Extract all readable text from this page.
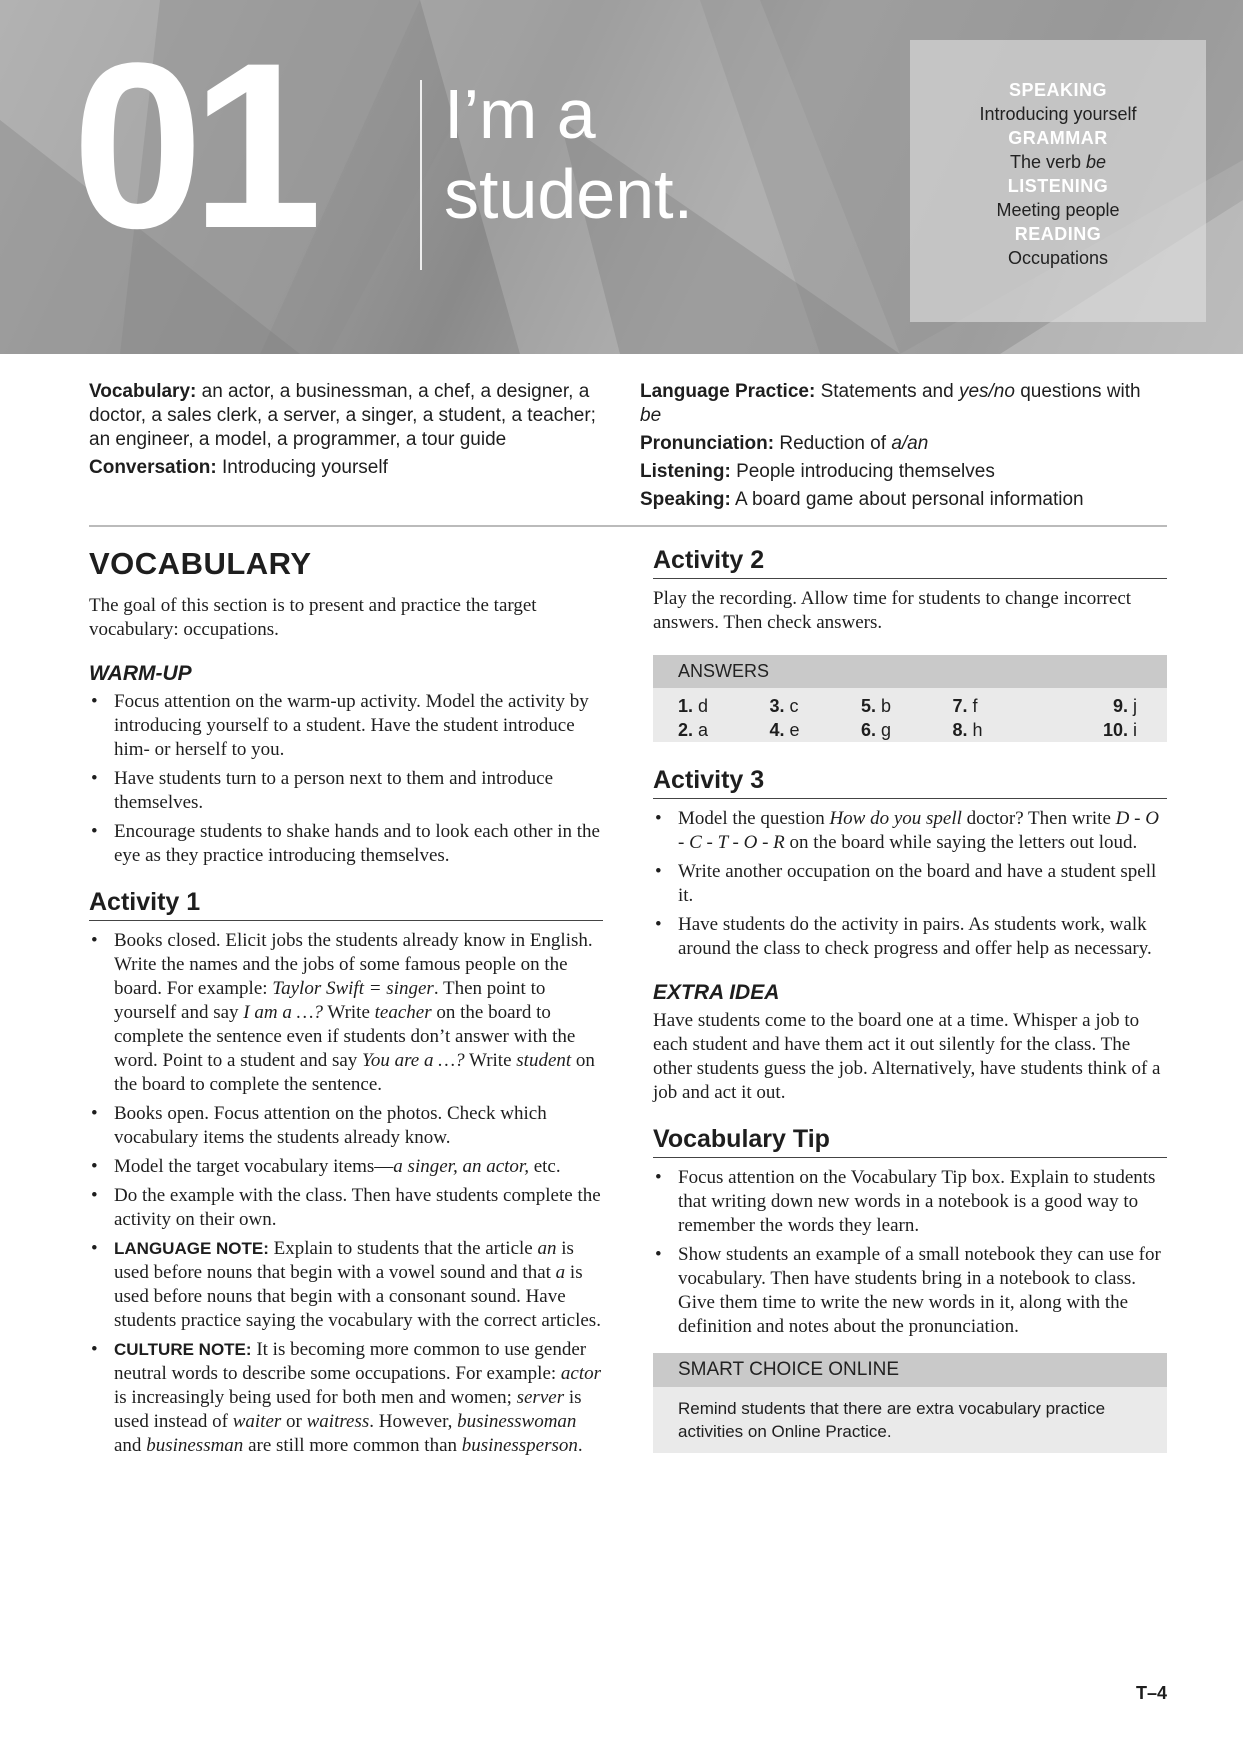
01 I’m a
student.
SPEAKING
Introducing yourself
GRAMMAR
The verb be
LISTENING
Meeting people
READING
Occupations

Vocabulary: an actor, a businessman, a chef, a designer, a doctor, a sales clerk, a server, a singer, a student, a teacher; an engineer, a model, a programmer, a tour guide

Conversation: Introducing yourself

Language Practice: Statements and yes/no questions with be

Pronunciation: Reduction of a/an

Listening: People introducing themselves

Speaking: A board game about personal information

VOCABULARY

The goal of this section is to present and practice the target vocabulary: occupations.

WARM-UP
• Focus attention on the warm-up activity. Model the activity by introducing yourself to a student. Have the student introduce him- or herself to you.
• Have students turn to a person next to them and introduce themselves.
• Encourage students to shake hands and to look each other in the eye as they practice introducing themselves.
Activity 1
• Books closed. Elicit jobs the students already know in English. Write the names and the jobs of some famous people on the board. For example: Taylor Swift = singer. Then point to yourself and say I am a …? Write teacher on the board to complete the sentence even if students don’t answer with the word. Point to a student and say You are a …? Write student on the board to complete the sentence.
• Books open. Focus attention on the photos. Check which vocabulary items the students already know.
• Model the target vocabulary items—a singer, an actor, etc.
• Do the example with the class. Then have students complete the activity on their own.
• LANGUAGE NOTE: Explain to students that the article an is used before nouns that begin with a vowel sound and that a is used before nouns that begin with a consonant sound. Have students practice saying the vocabulary with the correct articles.
• CULTURE NOTE: It is becoming more common to use gender neutral words to describe some occupations. For example: actor is increasingly being used for both men and women; server is used instead of waiter or waitress. However, businesswoman and businessman are still more common than businessperson.
Activity 2

Play the recording. Allow time for students to change incorrect answers. Then check answers.

ANSWERS
1. d	3. c	5. b	7. f	9. j
2. a	4. e	6. g	8. h	10. i
Activity 3
• Model the question How do you spell doctor? Then write D - O - C - T - O - R on the board while saying the letters out loud.
• Write another occupation on the board and have a student spell it.
• Have students do the activity in pairs. As students work, walk around the class to check progress and offer help as necessary.
EXTRA IDEA

Have students come to the board one at a time. Whisper a job to each student and have them act it out silently for the class. The other students guess the job. Alternatively, have students think of a job and act it out.

Vocabulary Tip
• Focus attention on the Vocabulary Tip box. Explain to students that writing down new words in a notebook is a good way to remember the words they learn.
• Show students an example of a small notebook they can use for vocabulary. Then have students bring in a notebook to class. Give them time to write the new words in it, along with the definition and notes about the pronunciation.
SMART CHOICE ONLINE
Remind students that there are extra vocabulary practice activities on Online Practice.
T–4
